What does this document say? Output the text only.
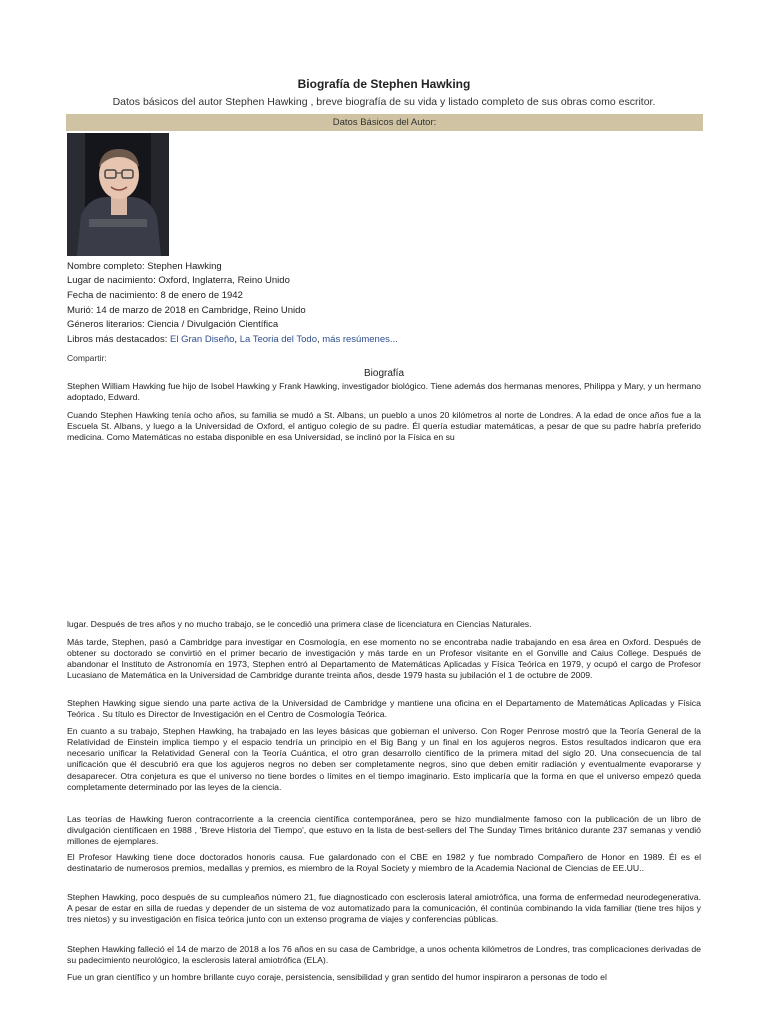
Biografía de Stephen Hawking
Datos básicos del autor Stephen Hawking , breve biografía de su vida y listado completo de sus obras como escritor.
Datos Básicos del Autor:
Nombre completo: Stephen Hawking
Lugar de nacimiento: Oxford, Inglaterra, Reino Unido
Fecha de nacimiento: 8 de enero de 1942
Murió: 14 de marzo de 2018 en Cambridge, Reino Unido
Géneros literarios: Ciencia / Divulgación Científica
Libros más destacados: El Gran Diseño, La Teoria del Todo, más resúmenes...
Compartir:
Biografía

Stephen William Hawking fue hijo de Isobel Hawking y Frank Hawking, investigador biológico. Tiene además dos hermanas menores, Philippa y Mary, y un hermano adoptado, Edward.

Cuando Stephen Hawking tenía ocho años, su familia se mudó a St. Albans, un pueblo a unos 20 kilómetros al norte de Londres. A la edad de once años fue a la Escuela St. Albans, y luego a la Universidad de Oxford, el antiguo colegio de su padre. Él quería estudiar matemáticas, a pesar de que su padre habría preferido medicina. Como Matemáticas no estaba disponible en esa Universidad, se inclinó por la Física en su

lugar. Después de tres años y no mucho trabajo, se le concedió una primera clase de licenciatura en Ciencias Naturales.

Más tarde, Stephen, pasó a Cambridge para investigar en Cosmología, en ese momento no se encontraba nadie trabajando en esa área en Oxford. Después de obtener su doctorado se convirtió en el primer becario de investigación y más tarde en un Profesor visitante en el Gonville and Caius College. Después de abandonar el Instituto de Astronomía en 1973, Stephen entró al Departamento de Matemáticas Aplicadas y Física Teórica en 1979, y ocupó el cargo de Profesor Lucasiano de Matemática en la Universidad de Cambridge durante treinta años, desde 1979 hasta su jubilación el 1 de octubre de 2009.

Stephen Hawking sigue siendo una parte activa de la Universidad de Cambridge y mantiene una oficina en el Departamento de Matemáticas Aplicadas y Física Teórica . Su título es Director de Investigación en el Centro de Cosmología Teórica.

En cuanto a su trabajo, Stephen Hawking, ha trabajado en las leyes básicas que gobiernan el universo. Con Roger Penrose mostró que la Teoría General de la Relatividad de Einstein implica tiempo y el espacio tendría un principio en el Big Bang y un final en los agujeros negros. Estos resultados indicaron que era necesario unificar la Relatividad General con la Teoría Cuántica, el otro gran desarrollo científico de la primera mitad del siglo 20. Una consecuencia de tal unificación que él descubrió era que los agujeros negros no deben ser completamente negros, sino que deben emitir radiación y eventualmente evaporarse y desaparecer. Otra conjetura es que el universo no tiene bordes o límites en el tiempo imaginario. Esto implicaría que la forma en que el universo empezó queda completamente determinado por las leyes de la ciencia.

Las teorías de Hawking fueron contracorriente a la creencia científica contemporánea, pero se hizo mundialmente famoso con la publicación de un libro de divulgación científicaen en 1988 , 'Breve Historia del Tiempo', que estuvo en la lista de best-sellers del The Sunday Times británico durante 237 semanas y vendió millones de ejemplares.

El Profesor Hawking tiene doce doctorados honoris causa. Fue galardonado con el CBE en 1982 y fue nombrado Compañero de Honor en 1989. Él es el destinatario de numerosos premios, medallas y premios, es miembro de la Royal Society y miembro de la Academia Nacional de Ciencias de EE.UU..

Stephen Hawking, poco después de su cumpleaños número 21, fue diagnosticado con esclerosis lateral amiotrófica, una forma de enfermedad neurodegenerativa. A pesar de estar en silla de ruedas y depender de un sistema de voz automatizado para la comunicación, él continúa combinando la vida familiar (tiene tres hijos y tres nietos) y su investigación en física teórica junto con un extenso programa de viajes y conferencias públicas.

Stephen Hawking falleció el 14 de marzo de 2018 a los 76 años en su casa de Cambridge, a unos ochenta kilómetros de Londres, tras complicaciones derivadas de su padecimiento neurológico, la esclerosis lateral amiotrófica (ELA).

Fue un gran científico y un hombre brillante cuyo coraje, persistencia, sensibilidad y gran sentido del humor inspiraron a personas de todo el
